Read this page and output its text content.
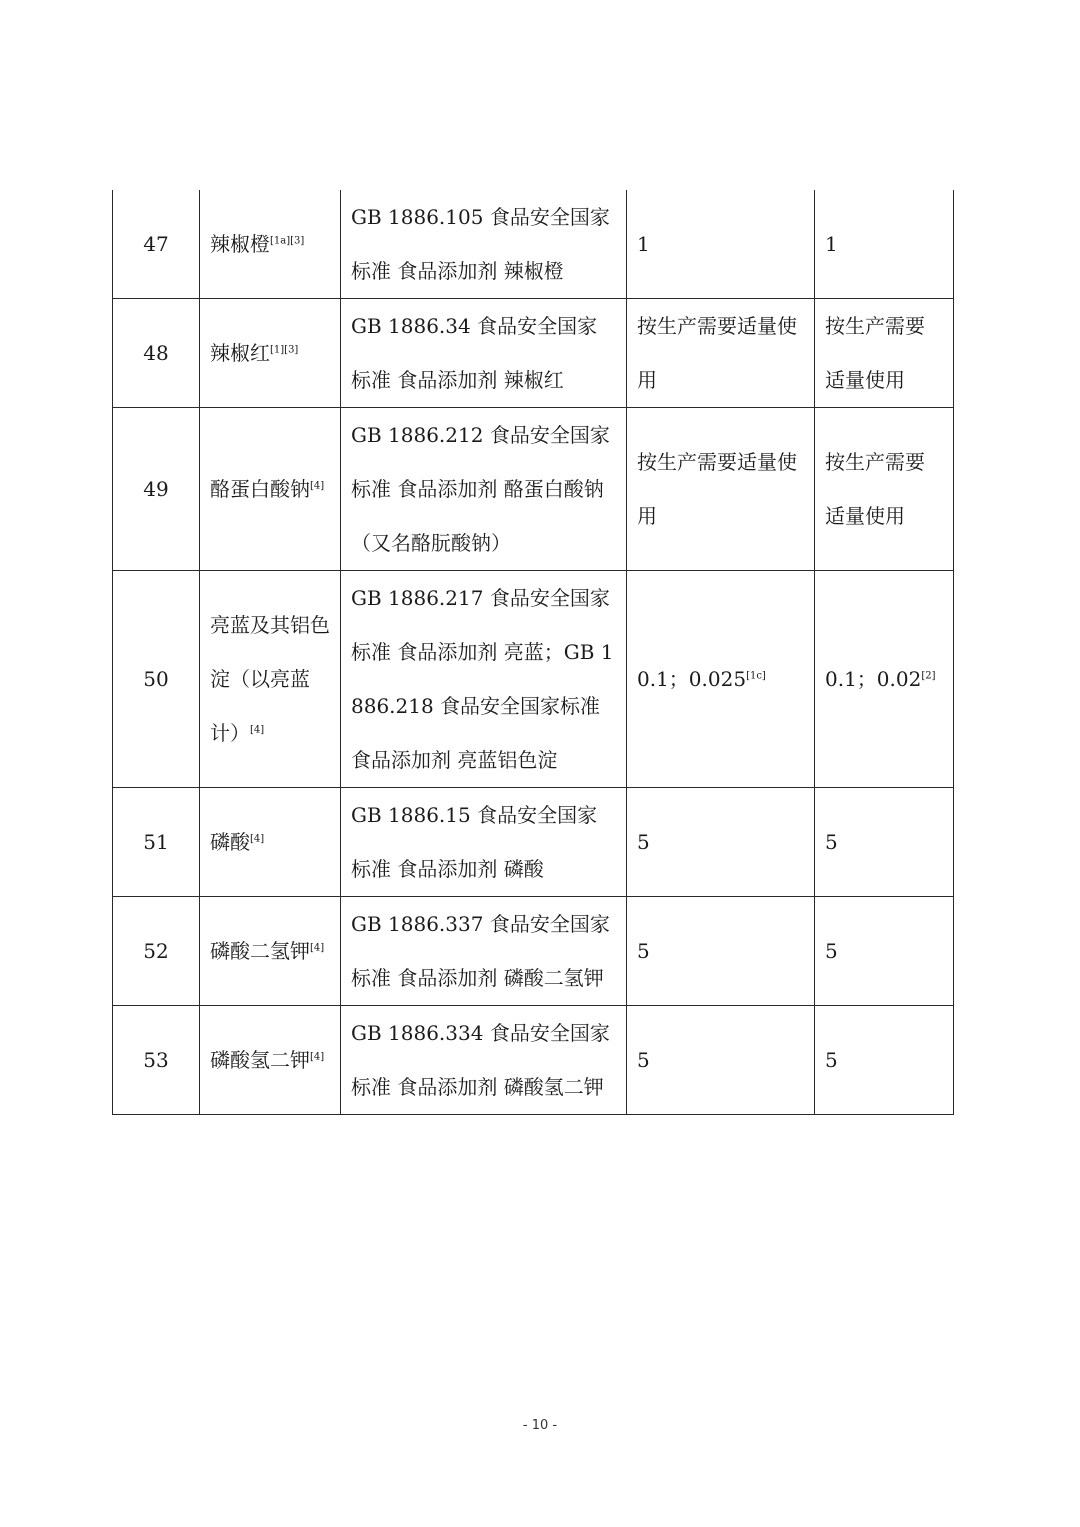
47	辣椒橙[1a][3]	GB 1886.105 食品安全国家标准 食品添加剂 辣椒橙	1	1
48	辣椒红[1][3]	GB 1886.34 食品安全国家标准 食品添加剂 辣椒红	按生产需要适量使用	按生产需要适量使用
49	酪蛋白酸钠[4]	GB 1886.212 食品安全国家标准 食品添加剂 酪蛋白酸钠（又名酪朊酸钠）	按生产需要适量使用	按生产需要适量使用
50	亮蓝及其铝色淀（以亮蓝计）[4]	GB 1886.217 食品安全国家标准 食品添加剂 亮蓝；GB 1886.218 食品安全国家标准 食品添加剂 亮蓝铝色淀	0.1；0.025[1c]	0.1；0.02[2]
51	磷酸[4]	GB 1886.15 食品安全国家标准 食品添加剂 磷酸	5	5
52	磷酸二氢钾[4]	GB 1886.337 食品安全国家标准 食品添加剂 磷酸二氢钾	5	5
53	磷酸氢二钾[4]	GB 1886.334 食品安全国家标准 食品添加剂 磷酸氢二钾	5	5
- 10 -
